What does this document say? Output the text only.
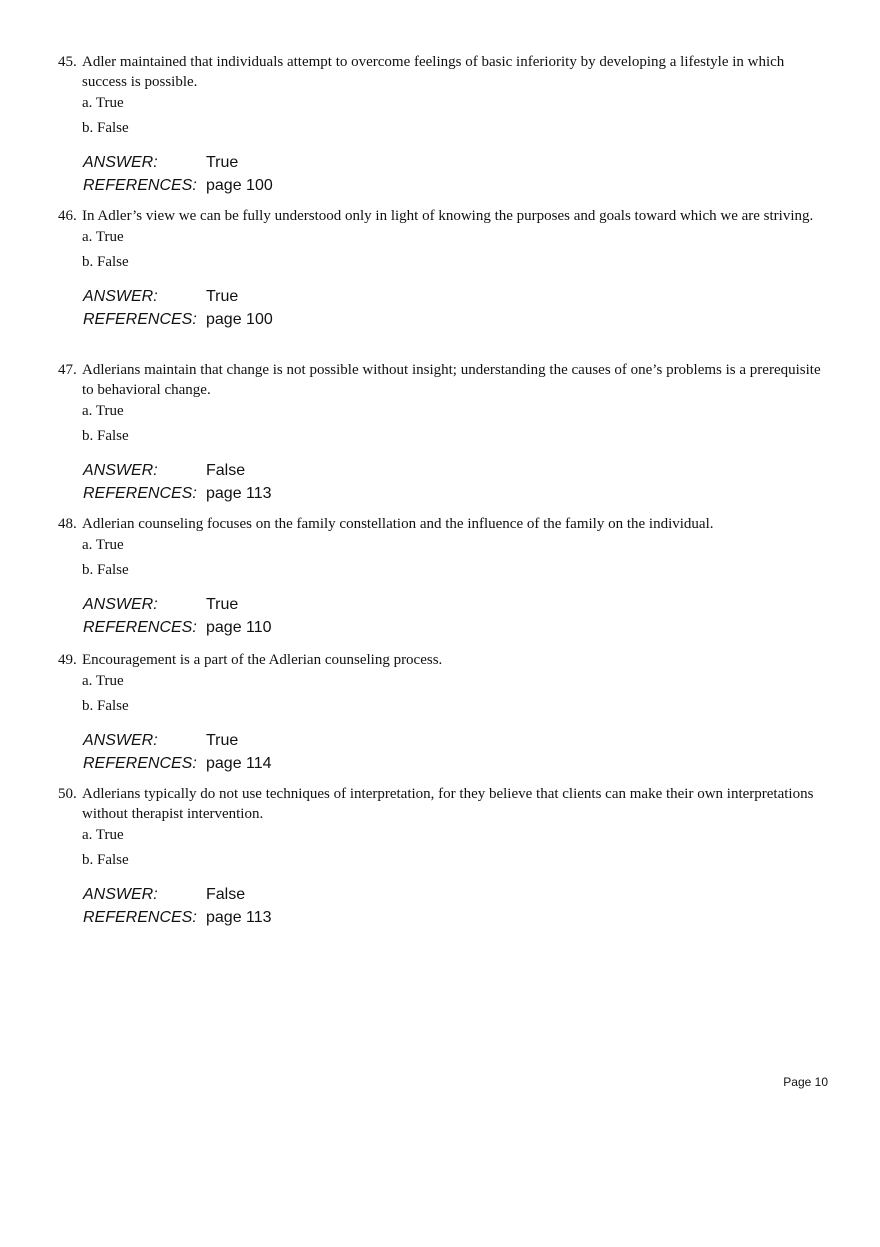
45. Adler maintained that individuals attempt to overcome feelings of basic inferiority by developing a lifestyle in which success is possible.
a. True
b. False
ANSWER:	True
REFERENCES: page 100
46. In Adler’s view we can be fully understood only in light of knowing the purposes and goals toward which we are striving.
a. True
b. False
ANSWER:	True
REFERENCES: page 100
47. Adlerians maintain that change is not possible without insight; understanding the causes of one’s problems is a prerequisite to behavioral change.
a. True
b. False
ANSWER:	False
REFERENCES: page 113
48. Adlerian counseling focuses on the family constellation and the influence of the family on the individual.
a. True
b. False
ANSWER:	True
REFERENCES: page 110
49. Encouragement is a part of the Adlerian counseling process.
a. True
b. False
ANSWER:	True
REFERENCES: page 114
50. Adlerians typically do not use techniques of interpretation, for they believe that clients can make their own interpretations without therapist intervention.
a. True
b. False
ANSWER:	False
REFERENCES: page 113
Page 10
